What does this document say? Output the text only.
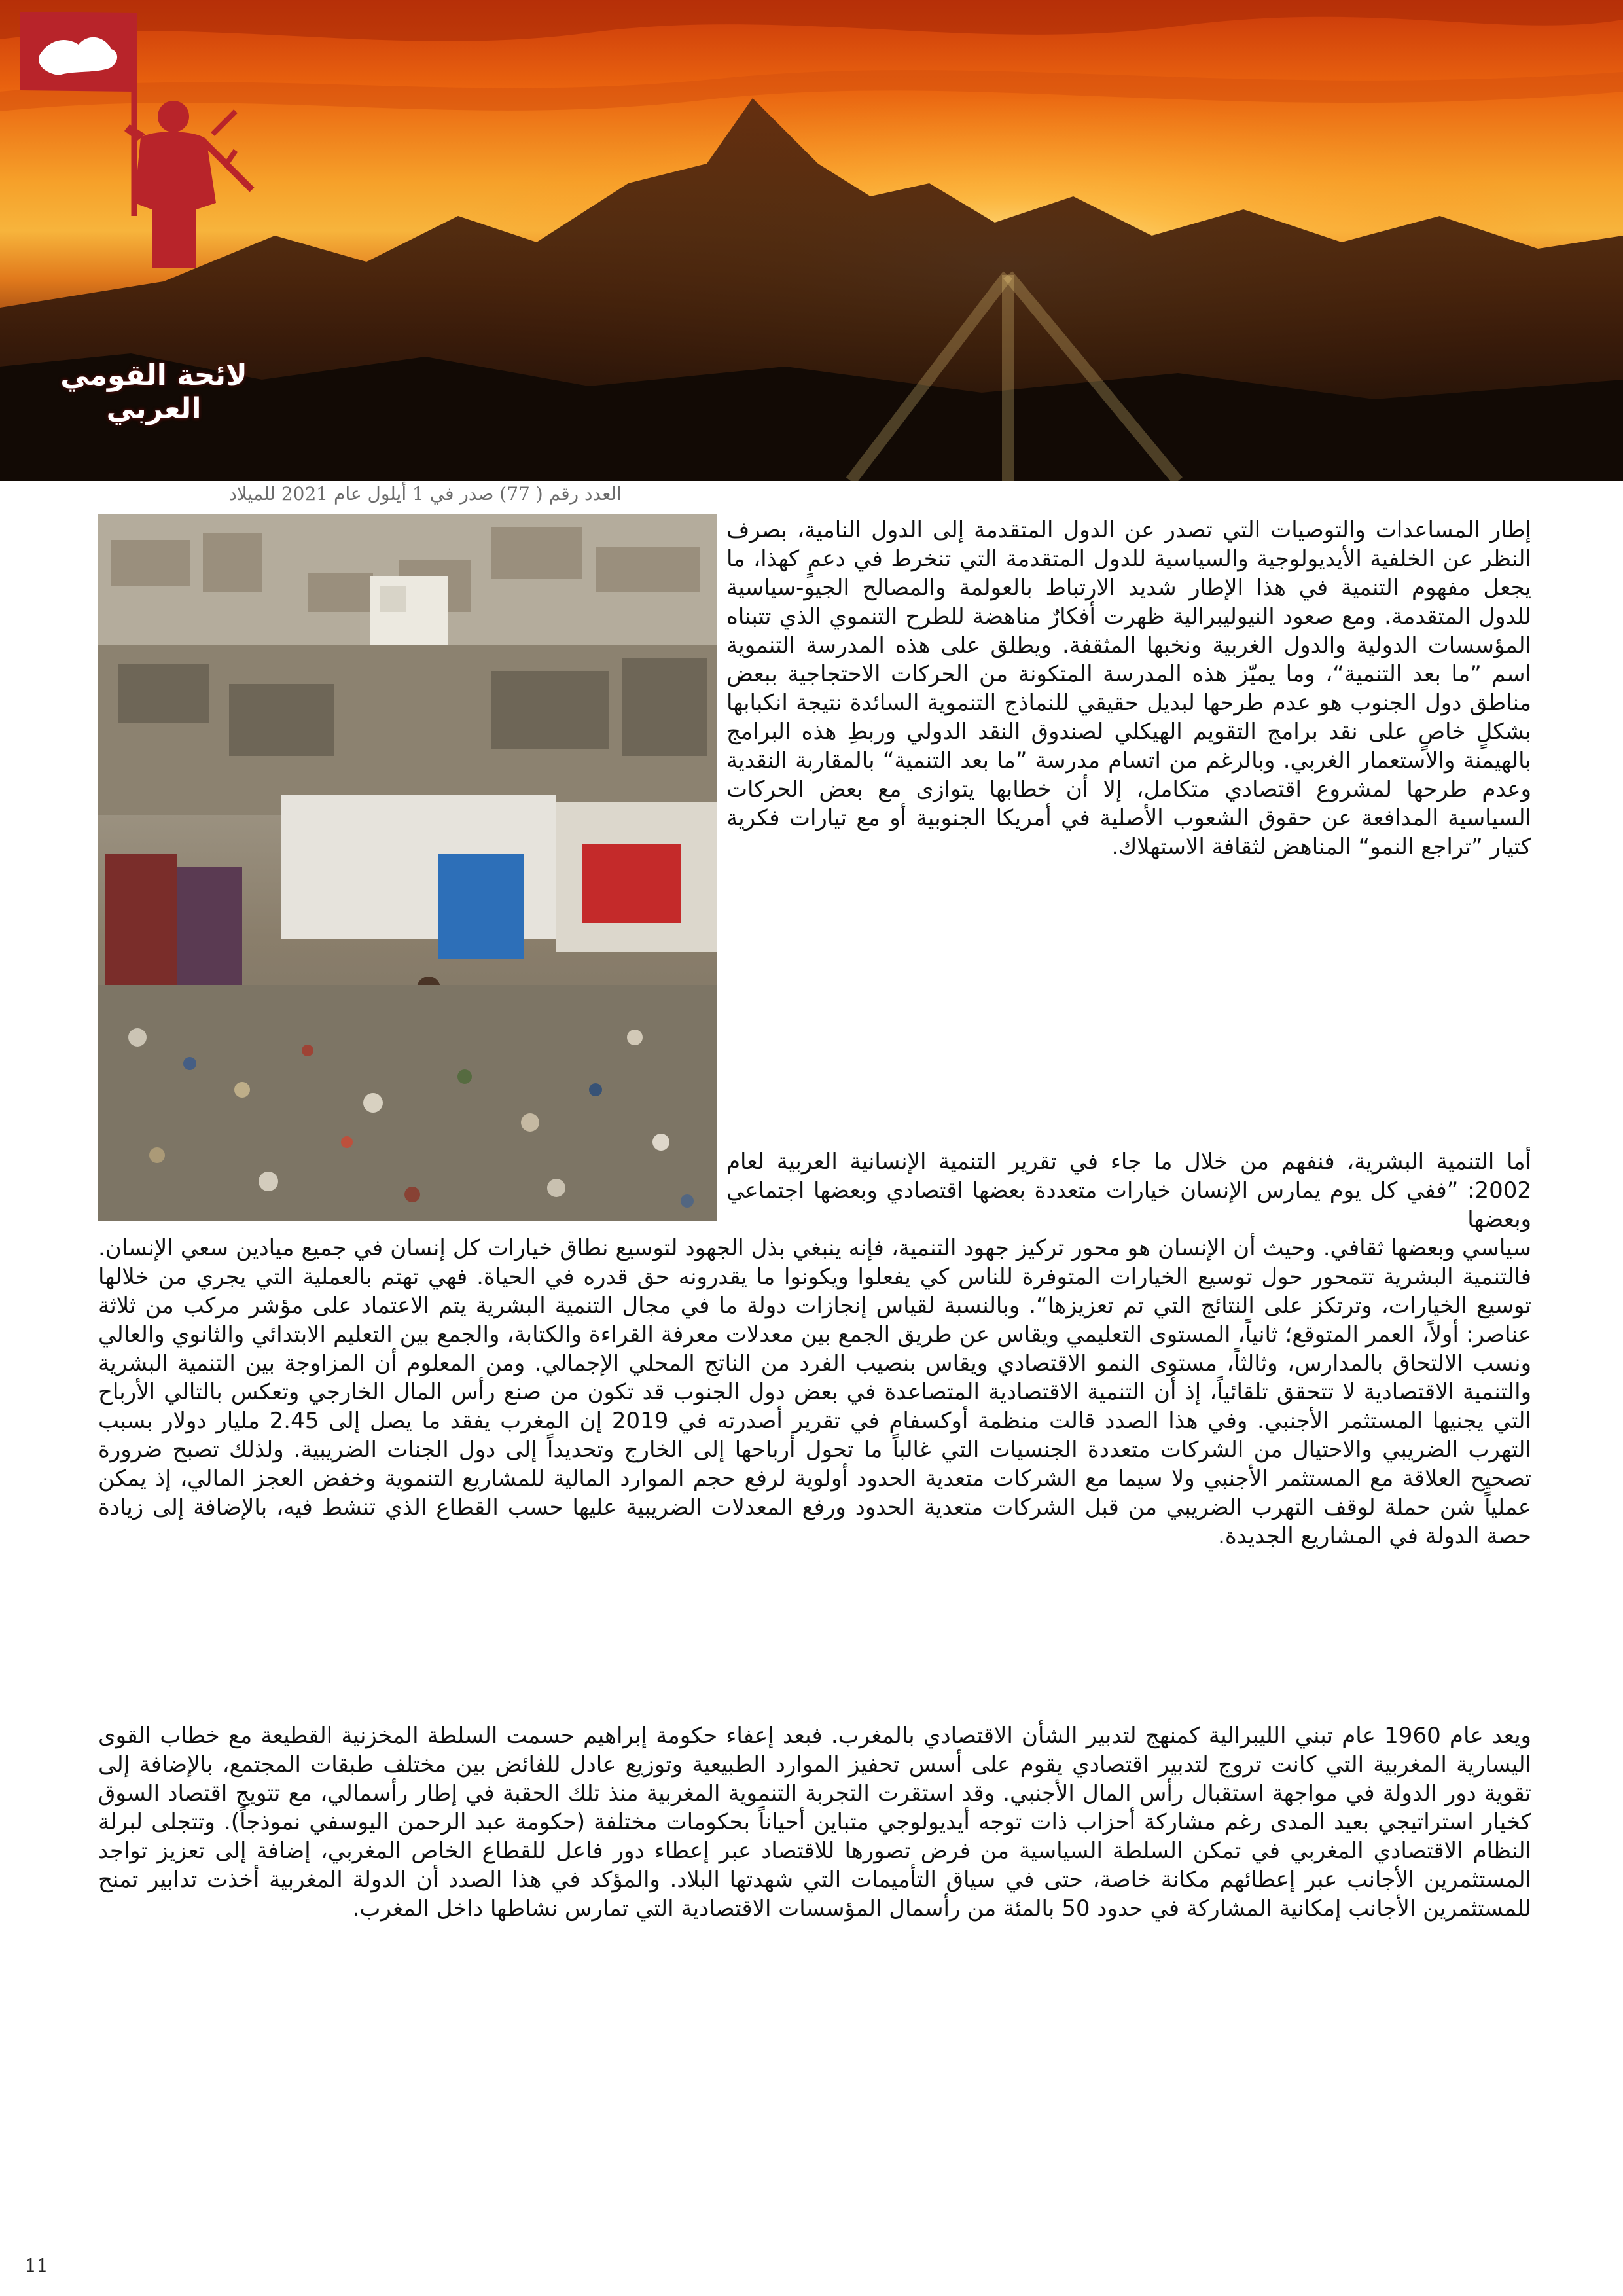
لائحة القومي العربي
العدد رقم ( 77) صدر في 1 أيلول عام 2021 للميلاد

إطار المساعدات والتوصيات التي تصدر عن الدول المتقدمة إلى الدول النامية، بصرف النظر عن الخلفية الأيديولوجية والسياسية للدول المتقدمة التي تنخرط في دعمٍ كهذا، ما يجعل مفهوم التنمية في هذا الإطار شديد الارتباط بالعولمة والمصالح الجيو-سياسية للدول المتقدمة. ومع صعود النيوليبرالية ظهرت أفكارٌ مناهضة للطرح التنموي الذي تتبناه المؤسسات الدولية والدول الغربية ونخبها المثقفة. ويطلق على هذه المدرسة التنموية اسم ”ما بعد التنمية“، وما يميّز هذه المدرسة المتكونة من الحركات الاحتجاجية ببعض مناطق دول الجنوب هو عدم طرحها لبديل حقيقي للنماذج التنموية السائدة نتيجة انكبابها بشكلٍ خاصٍ على نقد برامج التقويم الهيكلي لصندوق النقد الدولي وربطِ هذه البرامج بالهيمنة والاستعمار الغربي. وبالرغم من اتسام مدرسة ”ما بعد التنمية“ بالمقاربة النقدية وعدم طرحها لمشروع اقتصادي متكامل، إلا أن خطابها يتوازى مع بعض الحركات السياسية المدافعة عن حقوق الشعوب الأصلية في أمريكا الجنوبية أو مع تيارات فكرية كتيار ”تراجع النمو“ المناهض لثقافة الاستهلاك.

أما التنمية البشرية، فنفهم من خلال ما جاء في تقرير التنمية الإنسانية العربية لعام 2002: ”ففي كل يوم يمارس الإنسان خيارات متعددة بعضها اقتصادي وبعضها اجتماعي وبعضها

سياسي وبعضها ثقافي. وحيث أن الإنسان هو محور تركيز جهود التنمية، فإنه ينبغي بذل الجهود لتوسيع نطاق خيارات كل إنسان في جميع ميادين سعي الإنسان. فالتنمية البشرية تتمحور حول توسيع الخيارات المتوفرة للناس كي يفعلوا ويكونوا ما يقدرونه حق قدره في الحياة. فهي تهتم بالعملية التي يجري من خلالها توسيع الخيارات، وترتكز على النتائج التي تم تعزيزها“. وبالنسبة لقياس إنجازات دولة ما في مجال التنمية البشرية يتم الاعتماد على مؤشر مركب من ثلاثة عناصر: أولاً، العمر المتوقع؛ ثانياً، المستوى التعليمي ويقاس عن طريق الجمع بين معدلات معرفة القراءة والكتابة، والجمع بين التعليم الابتدائي والثانوي والعالي ونسب الالتحاق بالمدارس، وثالثاً، مستوى النمو الاقتصادي ويقاس بنصيب الفرد من الناتج المحلي الإجمالي. ومن المعلوم أن المزاوجة بين التنمية البشرية والتنمية الاقتصادية لا تتحقق تلقائياً، إذ أن التنمية الاقتصادية المتصاعدة في بعض دول الجنوب قد تكون من صنع رأس المال الخارجي وتعكس بالتالي الأرباح التي يجنيها المستثمر الأجنبي. وفي هذا الصدد قالت منظمة أوكسفام في تقرير أصدرته في 2019 إن المغرب يفقد ما يصل إلى 2.45 مليار دولار بسبب التهرب الضريبي والاحتيال من الشركات متعددة الجنسيات التي غالباً ما تحول أرباحها إلى الخارج وتحديداً إلى دول الجنات الضريبية. ولذلك تصبح ضرورة تصحيح العلاقة مع المستثمر الأجنبي ولا سيما مع الشركات متعدية الحدود أولوية لرفع حجم الموارد المالية للمشاريع التنموية وخفض العجز المالي، إذ يمكن عملياً شن حملة لوقف التهرب الضريبي من قبل الشركات متعدية الحدود ورفع المعدلات الضريبية عليها حسب القطاع الذي تنشط فيه، بالإضافة إلى زيادة حصة الدولة في المشاريع الجديدة.

ويعد عام 1960 عام تبني الليبرالية كمنهج لتدبير الشأن الاقتصادي بالمغرب. فبعد إعفاء حكومة إبراهيم حسمت السلطة المخزنية القطيعة مع خطاب القوى اليسارية المغربية التي كانت تروج لتدبير اقتصادي يقوم على أسس تحفيز الموارد الطبيعية وتوزيع عادل للفائض بين مختلف طبقات المجتمع، بالإضافة إلى تقوية دور الدولة في مواجهة استقبال رأس المال الأجنبي. وقد استقرت التجربة التنموية المغربية منذ تلك الحقبة في إطار رأسمالي، مع تتويج اقتصاد السوق كخيار استراتيجي بعيد المدى رغم مشاركة أحزاب ذات توجه أيديولوجي متباين أحياناً بحكومات مختلفة (حكومة عبد الرحمن اليوسفي نموذجاً). وتتجلى لبرلة النظام الاقتصادي المغربي في تمكن السلطة السياسية من فرض تصورها للاقتصاد عبر إعطاء دور فاعل للقطاع الخاص المغربي، إضافة إلى تعزيز تواجد المستثمرين الأجانب عبر إعطائهم مكانة خاصة، حتى في سياق التأميمات التي شهدتها البلاد. والمؤكد في هذا الصدد أن الدولة المغربية أخذت تدابير تمنح للمستثمرين الأجانب إمكانية المشاركة في حدود 50 بالمئة من رأسمال المؤسسات الاقتصادية التي تمارس نشاطها داخل المغرب.

11
